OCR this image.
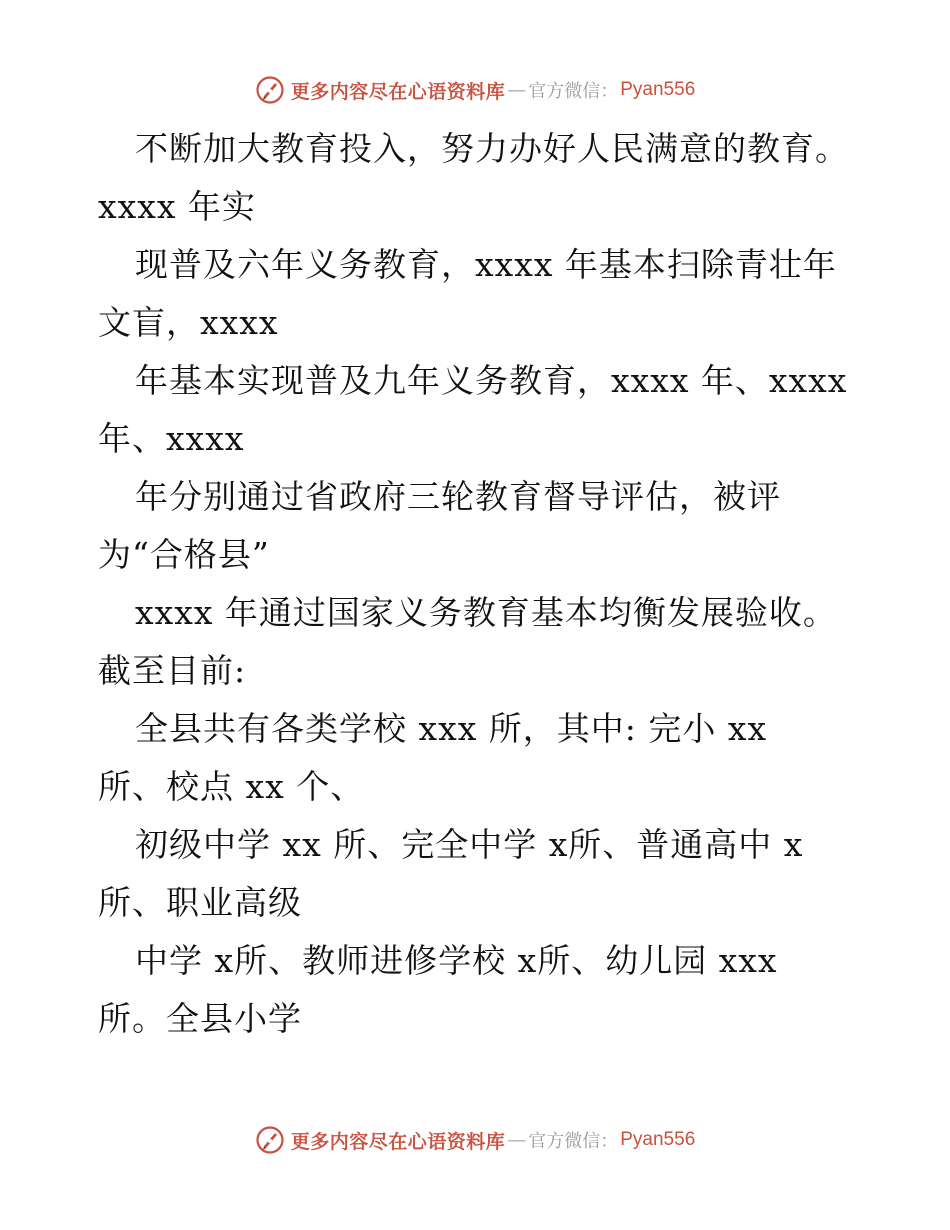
更多内容尽在心语资料库 — 官方微信： Pyan556
不断加大教育投入，努力办好人民满意的教育。
xxxx 年实
现普及六年义务教育，xxxx 年基本扫除青壮年
文盲，xxxx
年基本实现普及九年义务教育，xxxx 年、xxxx
年、xxxx
年分别通过省政府三轮教育督导评估，被评
为“合格县”
xxxx 年通过国家义务教育基本均衡发展验收。
截至目前:
全县共有各类学校 xxx 所，其中: 完小 xx
所、校点 xx 个、
初级中学 xx 所、完全中学 x所、普通高中 x
所、职业高级
中学 x所、教师进修学校 x所、幼儿园 xxx
所。全县小学
更多内容尽在心语资料库 — 官方微信： Pyan556
